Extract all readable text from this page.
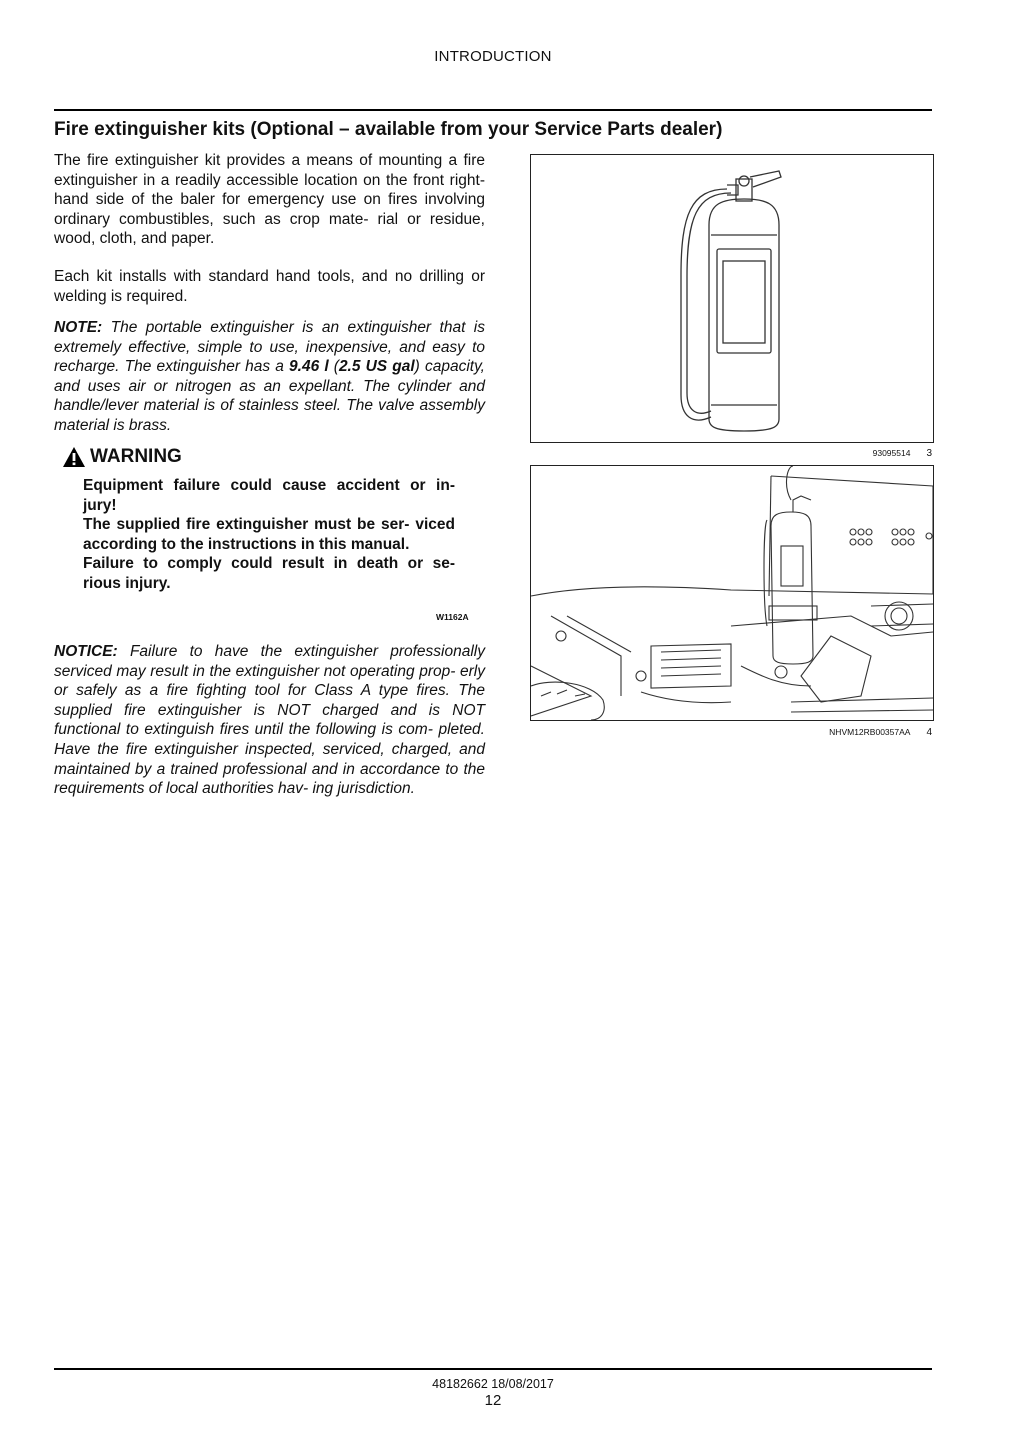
INTRODUCTION
Fire extinguisher kits (Optional – available from your Service Parts dealer)

The fire extinguisher kit provides a means of mounting a fire extinguisher in a readily accessible location on the front right-hand side of the baler for emergency use on fires involving ordinary combustibles, such as crop mate- rial or residue, wood, cloth, and paper.

Each kit installs with standard hand tools, and no drilling or welding is required.

NOTE: The portable extinguisher is an extinguisher that is extremely effective, simple to use, inexpensive, and easy to recharge. The extinguisher has a 9.46 l (2.5 US gal) capacity, and uses air or nitrogen as an expellant. The cylinder and handle/lever material is of stainless steel. The valve assembly material is brass.

WARNING
Equipment failure could cause accident or in- jury!
The supplied fire extinguisher must be ser- viced according to the instructions in this manual.
Failure to comply could result in death or se- rious injury.
W1162A

NOTICE: Failure to have the extinguisher professionally serviced may result in the extinguisher not operating prop- erly or safely as a fire fighting tool for Class A type fires. The supplied fire extinguisher is NOT charged and is NOT functional to extinguish fires until the following is com- pleted. Have the fire extinguisher inspected, serviced, charged, and maintained by a trained professional and in accordance to the requirements of local authorities hav- ing jurisdiction.

93095514 3
NHVM12RB00357AA 4
48182662 18/08/2017
12
